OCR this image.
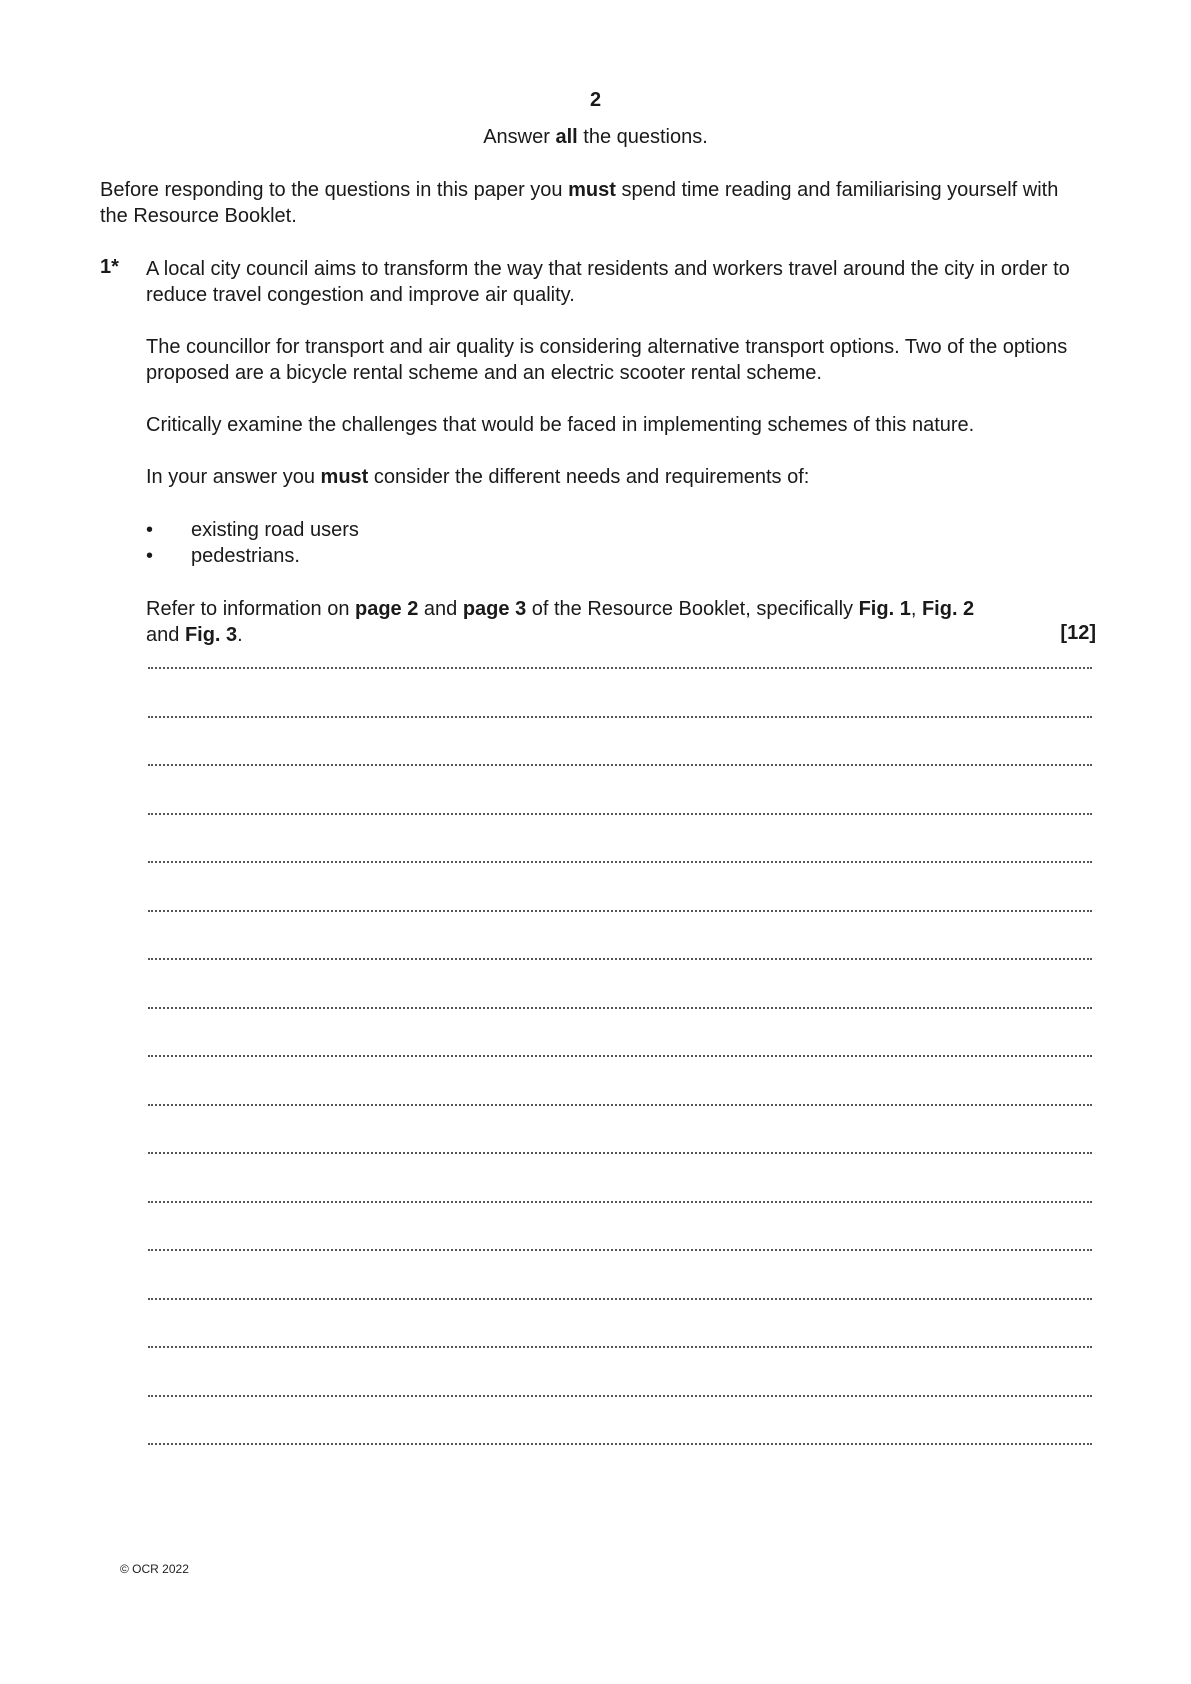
2
Answer all the questions.

Before responding to the questions in this paper you must spend time reading and familiarising yourself with the Resource Booklet.

1* A local city council aims to transform the way that residents and workers travel around the city in order to reduce travel congestion and improve air quality.

The councillor for transport and air quality is considering alternative transport options. Two of the options proposed are a bicycle rental scheme and an electric scooter rental scheme.

Critically examine the challenges that would be faced in implementing schemes of this nature.

In your answer you must consider the different needs and requirements of:

• existing road users
• pedestrians.

Refer to information on page 2 and page 3 of the Resource Booklet, specifically Fig. 1, Fig. 2
and Fig. 3.	[12]
© OCR 2022
